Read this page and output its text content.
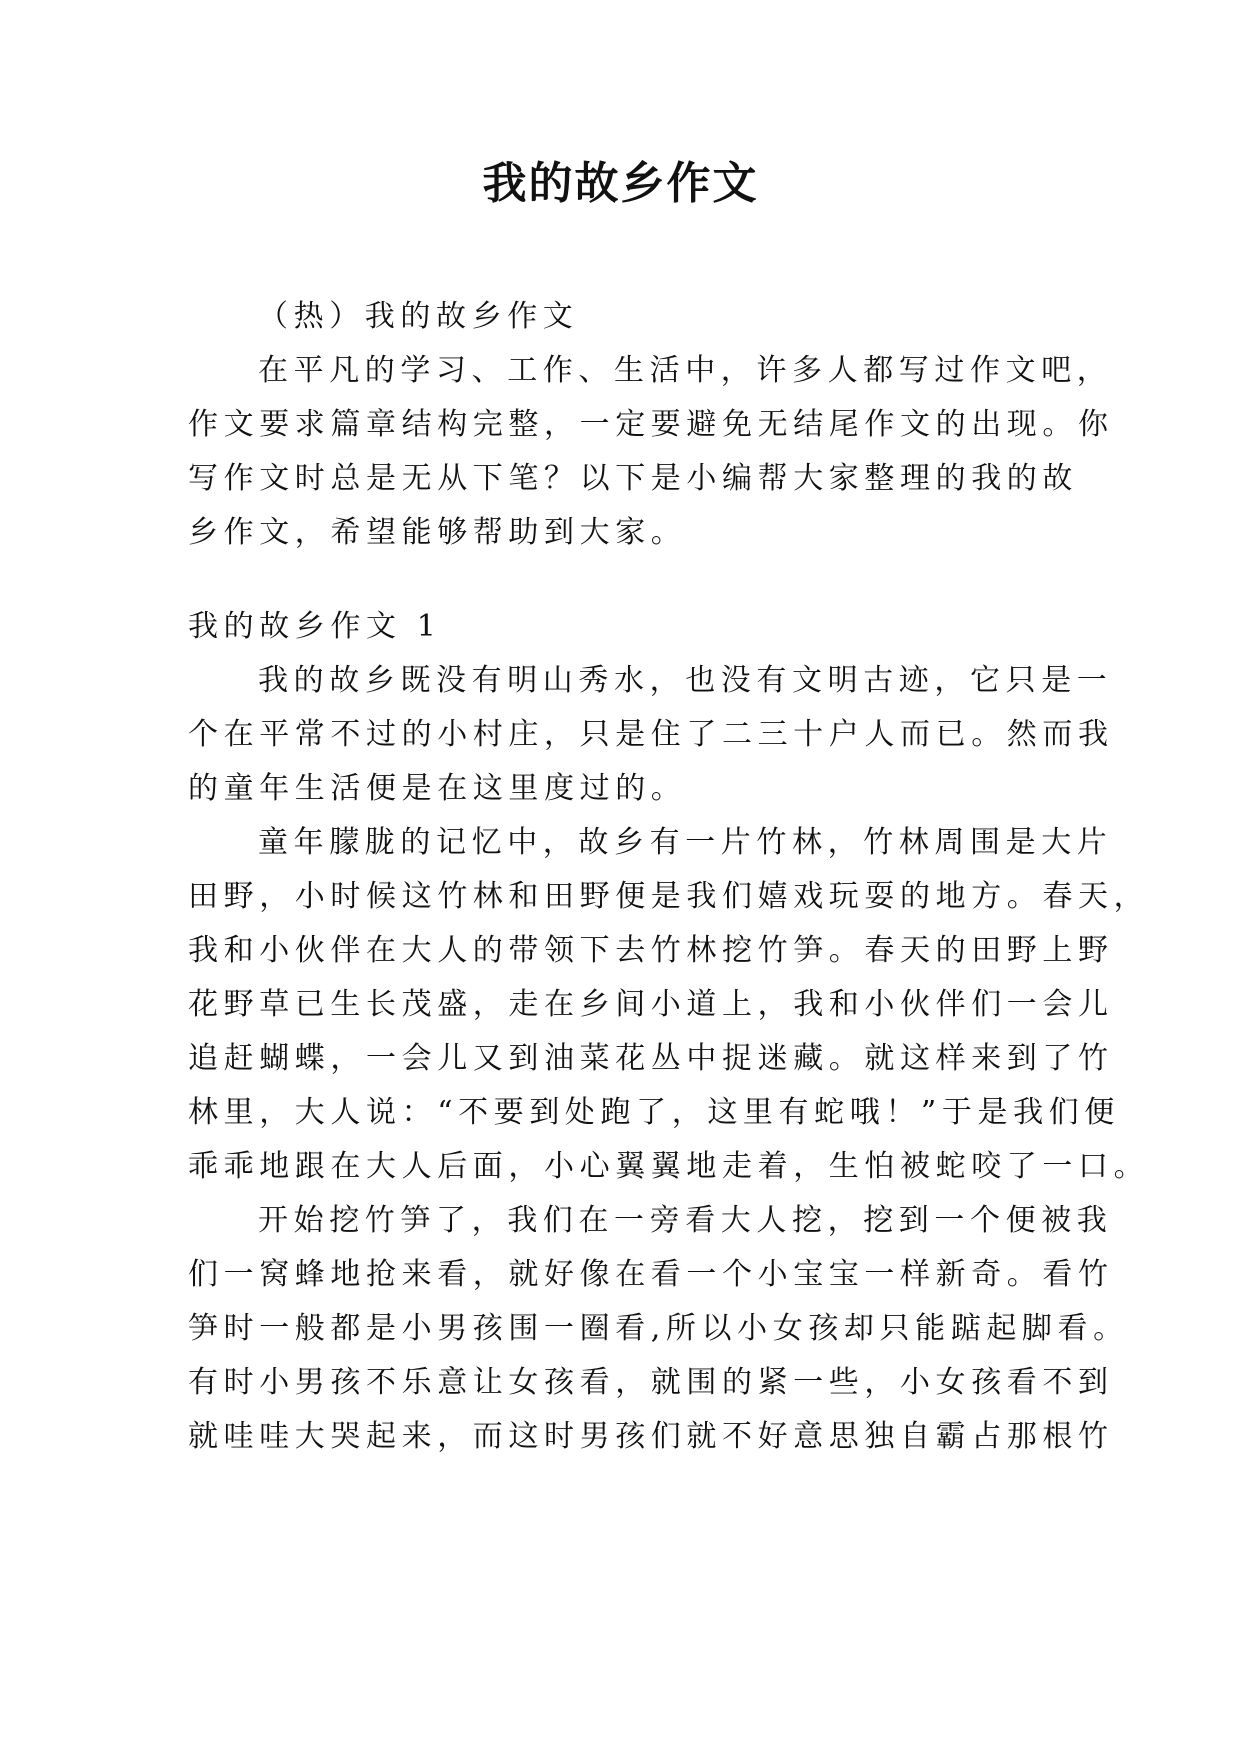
我的故乡作文

（热）我的故乡作文

在平凡的学习、工作、生活中，许多人都写过作文吧，

作文要求篇章结构完整，一定要避免无结尾作文的出现。你

写作文时总是无从下笔？以下是小编帮大家整理的我的故

乡作文，希望能够帮助到大家。

我的故乡作文 1

我的故乡既没有明山秀水，也没有文明古迹，它只是一

个在平常不过的小村庄，只是住了二三十户人而已。然而我

的童年生活便是在这里度过的。

童年朦胧的记忆中，故乡有一片竹林，竹林周围是大片

田野，小时候这竹林和田野便是我们嬉戏玩耍的地方。春天，

我和小伙伴在大人的带领下去竹林挖竹笋。春天的田野上野

花野草已生长茂盛，走在乡间小道上，我和小伙伴们一会儿

追赶蝴蝶，一会儿又到油菜花丛中捉迷藏。就这样来到了竹

林里，大人说：“不要到处跑了，这里有蛇哦！”于是我们便

乖乖地跟在大人后面，小心翼翼地走着，生怕被蛇咬了一口。

开始挖竹笋了，我们在一旁看大人挖，挖到一个便被我

们一窝蜂地抢来看，就好像在看一个小宝宝一样新奇。看竹

笋时一般都是小男孩围一圈看,所以小女孩却只能踮起脚看。

有时小男孩不乐意让女孩看，就围的紧一些，小女孩看不到

就哇哇大哭起来，而这时男孩们就不好意思独自霸占那根竹
